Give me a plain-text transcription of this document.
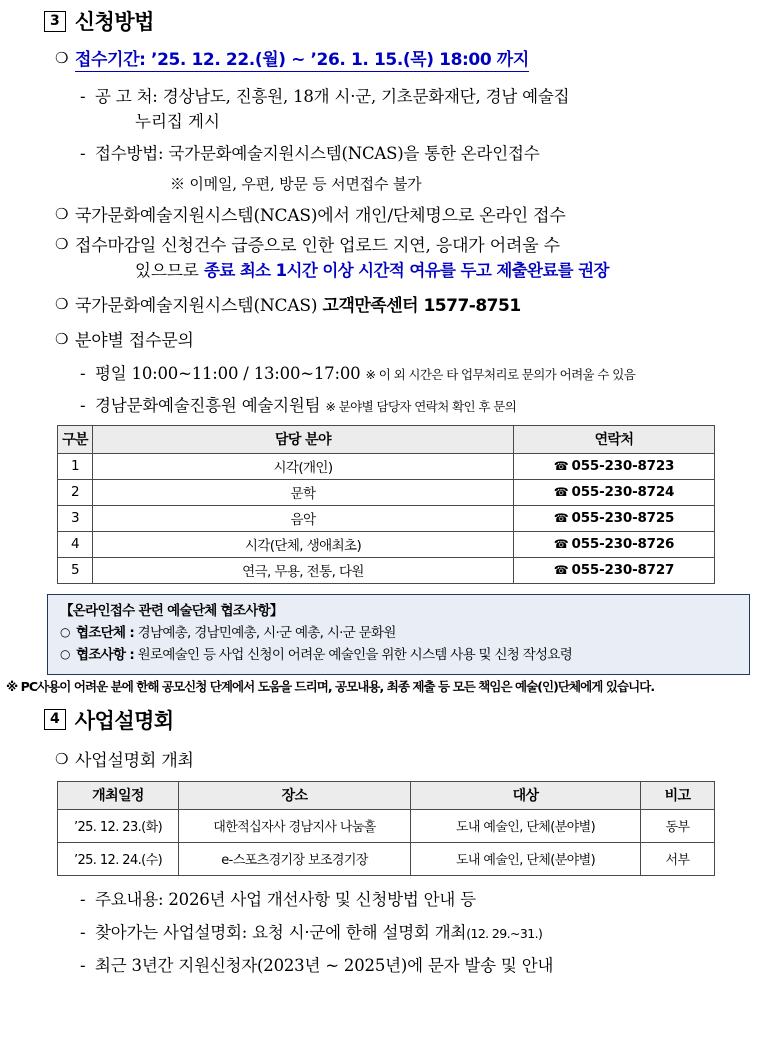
3 신청방법
❍ 접수기간: ’25. 12. 22.(월) ~ ’26. 1. 15.(목) 18:00 까지
- 공 고 처: 경상남도, 진흥원, 18개 시·군, 기초문화재단, 경남 예술집
누리집 게시
- 접수방법: 국가문화예술지원시스템(NCAS)을 통한 온라인접수
※ 이메일, 우편, 방문 등 서면접수 불가
❍ 국가문화예술지원시스템(NCAS)에서 개인/단체명으로 온라인 접수
❍ 접수마감일 신청건수 급증으로 인한 업로드 지연, 응대가 어려울 수
있으므로 종료 최소 1시간 이상 시간적 여유를 두고 제출완료를 권장
❍ 국가문화예술지원시스템(NCAS) 고객만족센터 1577-8751
❍ 분야별 접수문의
- 평일 10:00~11:00 / 13:00~17:00 ※ 이 외 시간은 타 업무처리로 문의가 어려울 수 있음
- 경남문화예술진흥원 예술지원팀 ※ 분야별 담당자 연락처 확인 후 문의
구분	담당 분야	연락처
1	시각(개인)	☎ 055-230-8723
2	문학	☎ 055-230-8724
3	음악	☎ 055-230-8725
4	시각(단체, 생애최초)	☎ 055-230-8726
5	연극, 무용, 전통, 다원	☎ 055-230-8727
【온라인접수 관련 예술단체 협조사항】
○ 협조단체 : 경남예총, 경남민예총, 시·군 예총, 시·군 문화원
○ 협조사항 : 원로예술인 등 사업 신청이 어려운 예술인을 위한 시스템 사용 및 신청 작성요령
※ PC사용이 어려운 분에 한해 공모신청 단계에서 도움을 드리며, 공모내용, 최종 제출 등 모든 책임은 예술(인)단체에게 있습니다.
4 사업설명회
❍ 사업설명회 개최
개최일정	장소	대상	비고
’25. 12. 23.(화)	대한적십자사 경남지사 나눔홀	도내 예술인, 단체(분야별)	동부
’25. 12. 24.(수)	e-스포츠경기장 보조경기장	도내 예술인, 단체(분야별)	서부
- 주요내용: 2026년 사업 개선사항 및 신청방법 안내 등
- 찾아가는 사업설명회: 요청 시·군에 한해 설명회 개최(12. 29.~31.)
- 최근 3년간 지원신청자(2023년 ~ 2025년)에 문자 발송 및 안내
